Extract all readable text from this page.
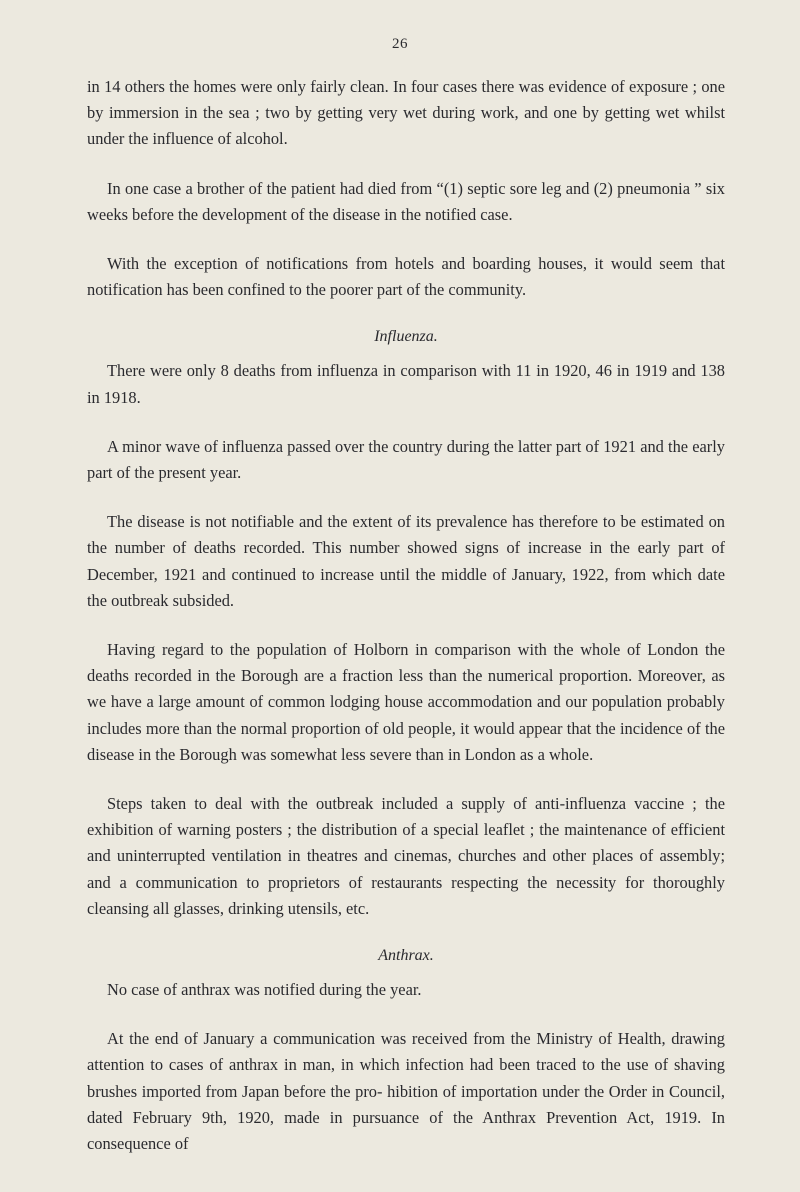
26

in 14 others the homes were only fairly clean. In four cases there was evidence of exposure ; one by immersion in the sea ; two by getting very wet during work, and one by getting wet whilst under the influence of alcohol.

In one case a brother of the patient had died from “(1) septic sore leg and (2) pneumonia ” six weeks before the development of the disease in the notified case.

With the exception of notifications from hotels and boarding houses, it would seem that notification has been confined to the poorer part of the community.

Influenza.

There were only 8 deaths from influenza in comparison with 11 in 1920, 46 in 1919 and 138 in 1918.

A minor wave of influenza passed over the country during the latter part of 1921 and the early part of the present year.

The disease is not notifiable and the extent of its prevalence has therefore to be estimated on the number of deaths recorded. This number showed signs of increase in the early part of December, 1921 and continued to increase until the middle of January, 1922, from which date the outbreak subsided.

Having regard to the population of Holborn in comparison with the whole of London the deaths recorded in the Borough are a fraction less than the numerical proportion. Moreover, as we have a large amount of common lodging house accommodation and our population probably includes more than the normal proportion of old people, it would appear that the incidence of the disease in the Borough was somewhat less severe than in London as a whole.

Steps taken to deal with the outbreak included a supply of anti-influenza vaccine ; the exhibition of warning posters ; the distribution of a special leaflet ; the maintenance of efficient and uninterrupted ventilation in theatres and cinemas, churches and other places of assembly; and a communication to proprietors of restaurants respecting the necessity for thoroughly cleansing all glasses, drinking utensils, etc.

Anthrax.

No case of anthrax was notified during the year.

At the end of January a communication was received from the Ministry of Health, drawing attention to cases of anthrax in man, in which infection had been traced to the use of shaving brushes imported from Japan before the pro- hibition of importation under the Order in Council, dated February 9th, 1920, made in pursuance of the Anthrax Prevention Act, 1919. In consequence of
